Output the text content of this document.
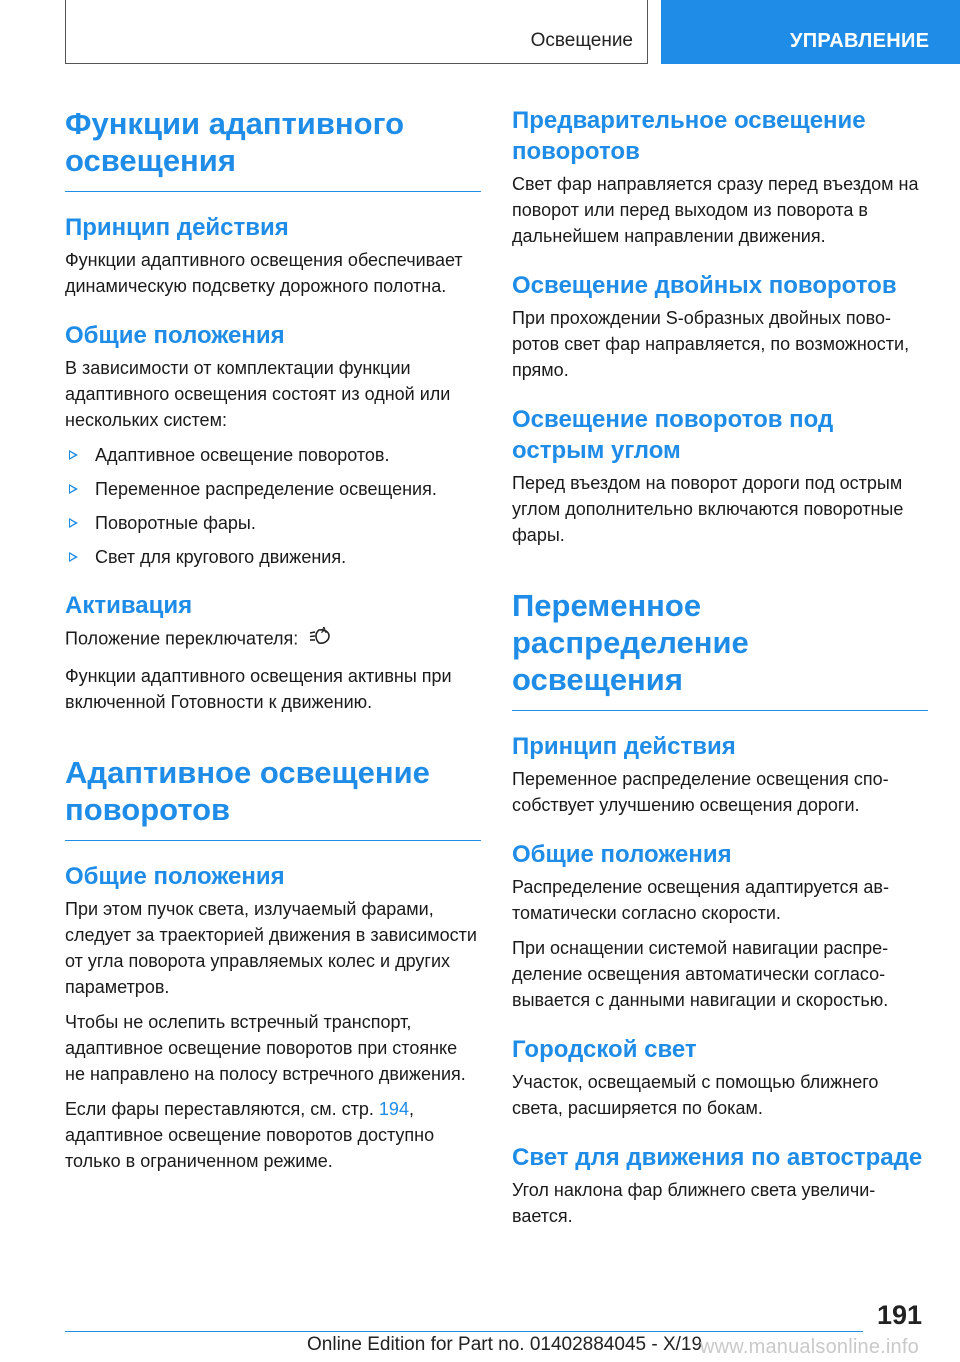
Освещение	УПРАВЛЕНИЕ
Функции адаптивного освещения
Принцип действия

Функции адаптивного освещения обеспечивает динамическую подсветку дорожного полотна.

Общие положения

В зависимости от комплектации функции адаптивного освещения состоят из одной или нескольких систем:

Адаптивное освещение поворотов.
Переменное распределение освещения.
Поворотные фары.
Свет для кругового движения.
Активация

Положение переключателя:	A

Функции адаптивного освещения активны при включенной Готовности к движению.

Адаптивное освещение поворотов
Общие положения

При этом пучок света, излучаемый фарами, следует за траекторией движения в зависимости от угла поворота управляемых колес и других параметров.

Чтобы не ослепить встречный транспорт, адаптивное освещение поворотов при стоянке не направлено на полосу встречного движения.

Если фары переставляются, см. стр. 194, адаптивное освещение поворотов доступно только в ограниченном режиме.

Предварительное освещение поворотов

Свет фар направляется сразу перед въездом на поворот или перед выходом из поворота в дальнейшем направлении движения.

Освещение двойных поворотов

При прохождении S-образных двойных поворотов свет фар направляется, по возможности, прямо.

Освещение поворотов под острым углом

Перед въездом на поворот дороги под острым углом дополнительно включаются поворотные фары.

Переменное распределение освещения
Принцип действия

Переменное распределение освещения способствует улучшению освещения дороги.

Общие положения

Распределение освещения адаптируется автоматически согласно скорости.

При оснащении системой навигации распределение освещения автоматически согласовывается с данными навигации и скоростью.

Городской свет

Участок, освещаемый с помощью ближнего света, расширяется по бокам.

Свет для движения по автостраде

Угол наклона фар ближнего света увеличивается.

191
Online Edition for Part no. 01402884045 - X/19
www.manualsonline.info
